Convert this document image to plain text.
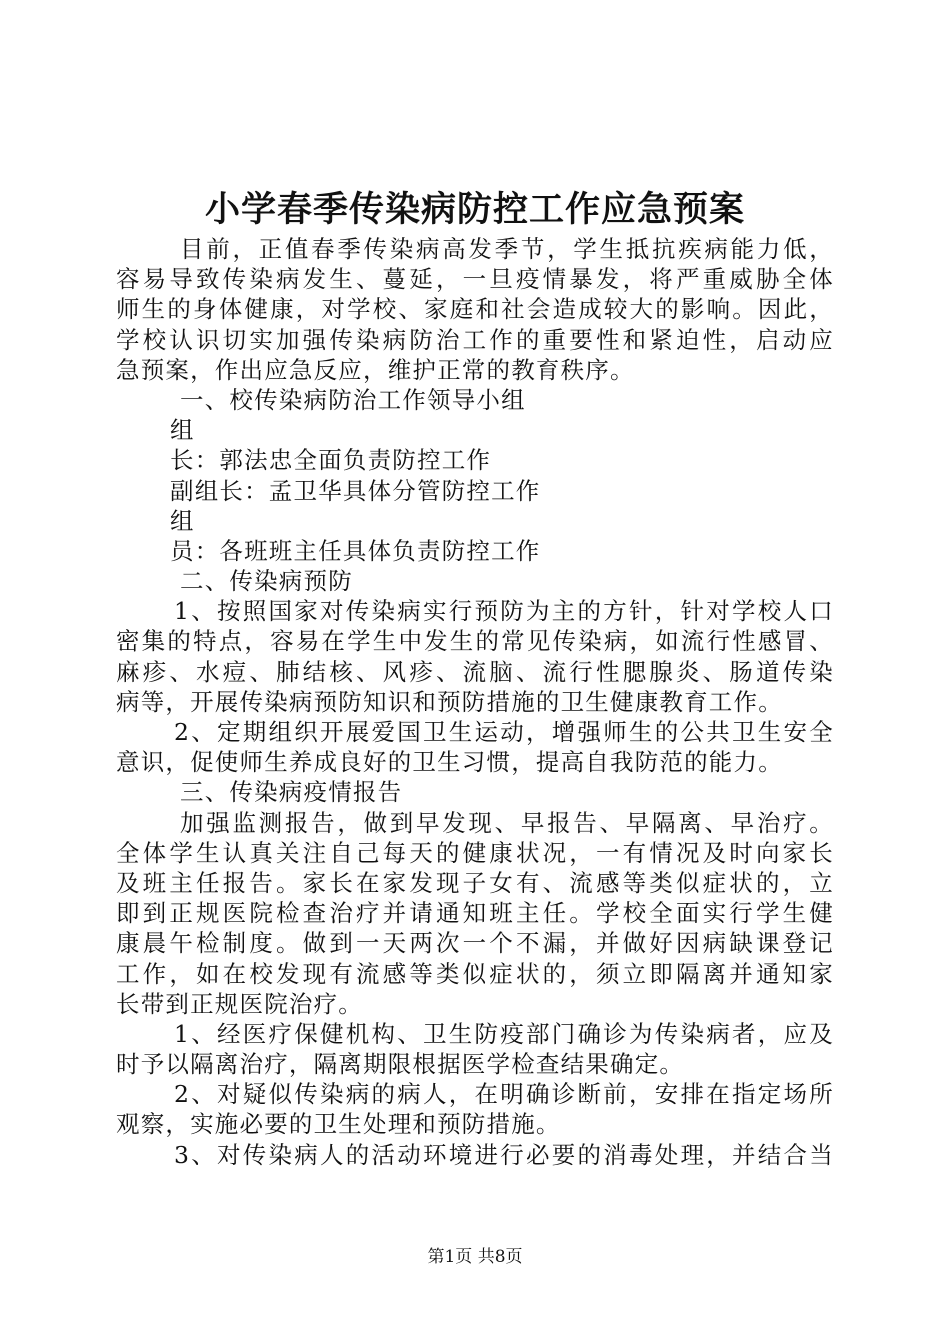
小学春季传染病防控工作应急预案
目前，正值春季传染病高发季节，学生抵抗疾病能力低，
容易导致传染病发生、蔓延，一旦疫情暴发，将严重威胁全体
师生的身体健康，对学校、家庭和社会造成较大的影响。因此，
学校认识切实加强传染病防治工作的重要性和紧迫性，启动应
急预案，作出应急反应，维护正常的教育秩序。
一、校传染病防治工作领导小组
组
长：郭法忠全面负责防控工作
副组长：孟卫华具体分管防控工作
组
员：各班班主任具体负责防控工作
二、传染病预防
1、按照国家对传染病实行预防为主的方针，针对学校人口
密集的特点，容易在学生中发生的常见传染病，如流行性感冒、
麻疹、水痘、肺结核、风疹、流脑、流行性腮腺炎、肠道传染
病等，开展传染病预防知识和预防措施的卫生健康教育工作。
2、定期组织开展爱国卫生运动，增强师生的公共卫生安全
意识，促使师生养成良好的卫生习惯，提高自我防范的能力。
三、传染病疫情报告
加强监测报告，做到早发现、早报告、早隔离、早治疗。
全体学生认真关注自己每天的健康状况，一有情况及时向家长
及班主任报告。家长在家发现子女有、流感等类似症状的，立
即到正规医院检查治疗并请通知班主任。学校全面实行学生健
康晨午检制度。做到一天两次一个不漏，并做好因病缺课登记
工作，如在校发现有流感等类似症状的，须立即隔离并通知家
长带到正规医院治疗。
1、经医疗保健机构、卫生防疫部门确诊为传染病者，应及
时予以隔离治疗，隔离期限根据医学检查结果确定。
2、对疑似传染病的病人，在明确诊断前，安排在指定场所
观察，实施必要的卫生处理和预防措施。
3、对传染病人的活动环境进行必要的消毒处理，并结合当
第1页 共8页
